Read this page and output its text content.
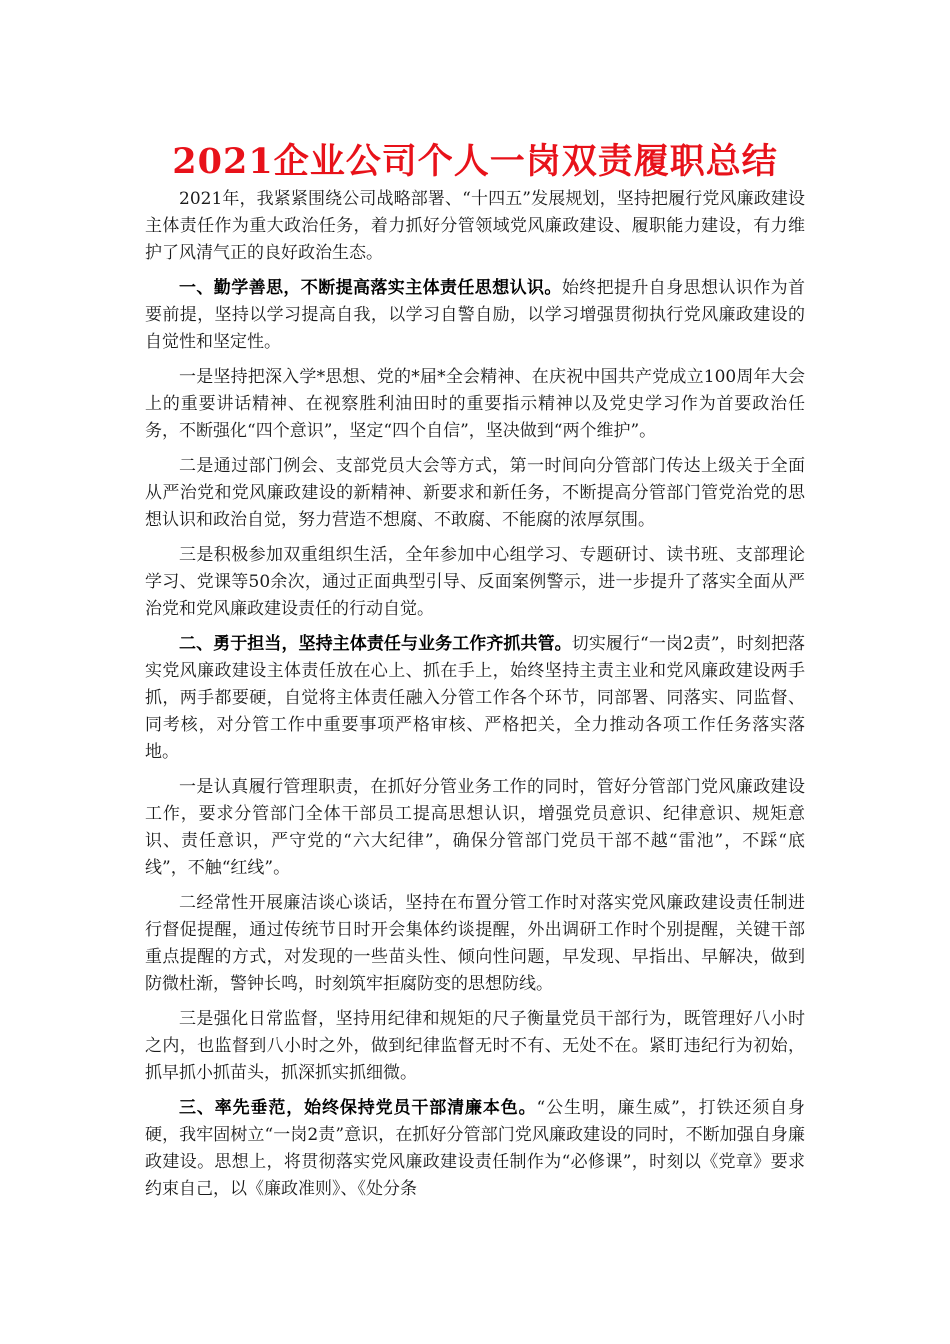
2021企业公司个人一岗双责履职总结

2021年，我紧紧围绕公司战略部署、“十四五”发展规划，坚持把履行党风廉政建设主体责任作为重大政治任务，着力抓好分管领域党风廉政建设、履职能力建设，有力维护了风清气正的良好政治生态。

一、勤学善思，不断提高落实主体责任思想认识。始终把提升自身思想认识作为首要前提，坚持以学习提高自我，以学习自警自励，以学习增强贯彻执行党风廉政建设的自觉性和坚定性。

一是坚持把深入学*思想、党的*届*全会精神、在庆祝中国共产党成立100周年大会上的重要讲话精神、在视察胜利油田时的重要指示精神以及党史学习作为首要政治任务，不断强化“四个意识”，坚定“四个自信”，坚决做到“两个维护”。

二是通过部门例会、支部党员大会等方式，第一时间向分管部门传达上级关于全面从严治党和党风廉政建设的新精神、新要求和新任务，不断提高分管部门管党治党的思想认识和政治自觉，努力营造不想腐、不敢腐、不能腐的浓厚氛围。

三是积极参加双重组织生活，全年参加中心组学习、专题研讨、读书班、支部理论学习、党课等50余次，通过正面典型引导、反面案例警示，进一步提升了落实全面从严治党和党风廉政建设责任的行动自觉。

二、勇于担当，坚持主体责任与业务工作齐抓共管。切实履行“一岗2责”，时刻把落实党风廉政建设主体责任放在心上、抓在手上，始终坚持主责主业和党风廉政建设两手抓，两手都要硬，自觉将主体责任融入分管工作各个环节，同部署、同落实、同监督、同考核，对分管工作中重要事项严格审核、严格把关，全力推动各项工作任务落实落地。

一是认真履行管理职责，在抓好分管业务工作的同时，管好分管部门党风廉政建设工作，要求分管部门全体干部员工提高思想认识，增强党员意识、纪律意识、规矩意识、责任意识，严守党的“六大纪律”，确保分管部门党员干部不越“雷池”，不踩“底线”，不触“红线”。

二经常性开展廉洁谈心谈话，坚持在布置分管工作时对落实党风廉政建设责任制进行督促提醒，通过传统节日时开会集体约谈提醒，外出调研工作时个别提醒，关键干部重点提醒的方式，对发现的一些苗头性、倾向性问题，早发现、早指出、早解决，做到防微杜渐，警钟长鸣，时刻筑牢拒腐防变的思想防线。

三是强化日常监督，坚持用纪律和规矩的尺子衡量党员干部行为，既管理好八小时之内，也监督到八小时之外，做到纪律监督无时不有、无处不在。紧盯违纪行为初始，抓早抓小抓苗头，抓深抓实抓细微。

三、率先垂范，始终保持党员干部清廉本色。“公生明，廉生威”，打铁还须自身硬，我牢固树立“一岗2责”意识，在抓好分管部门党风廉政建设的同时，不断加强自身廉政建设。思想上，将贯彻落实党风廉政建设责任制作为“必修课”，时刻以《党章》要求约束自己，以《廉政准则》、《处分条
